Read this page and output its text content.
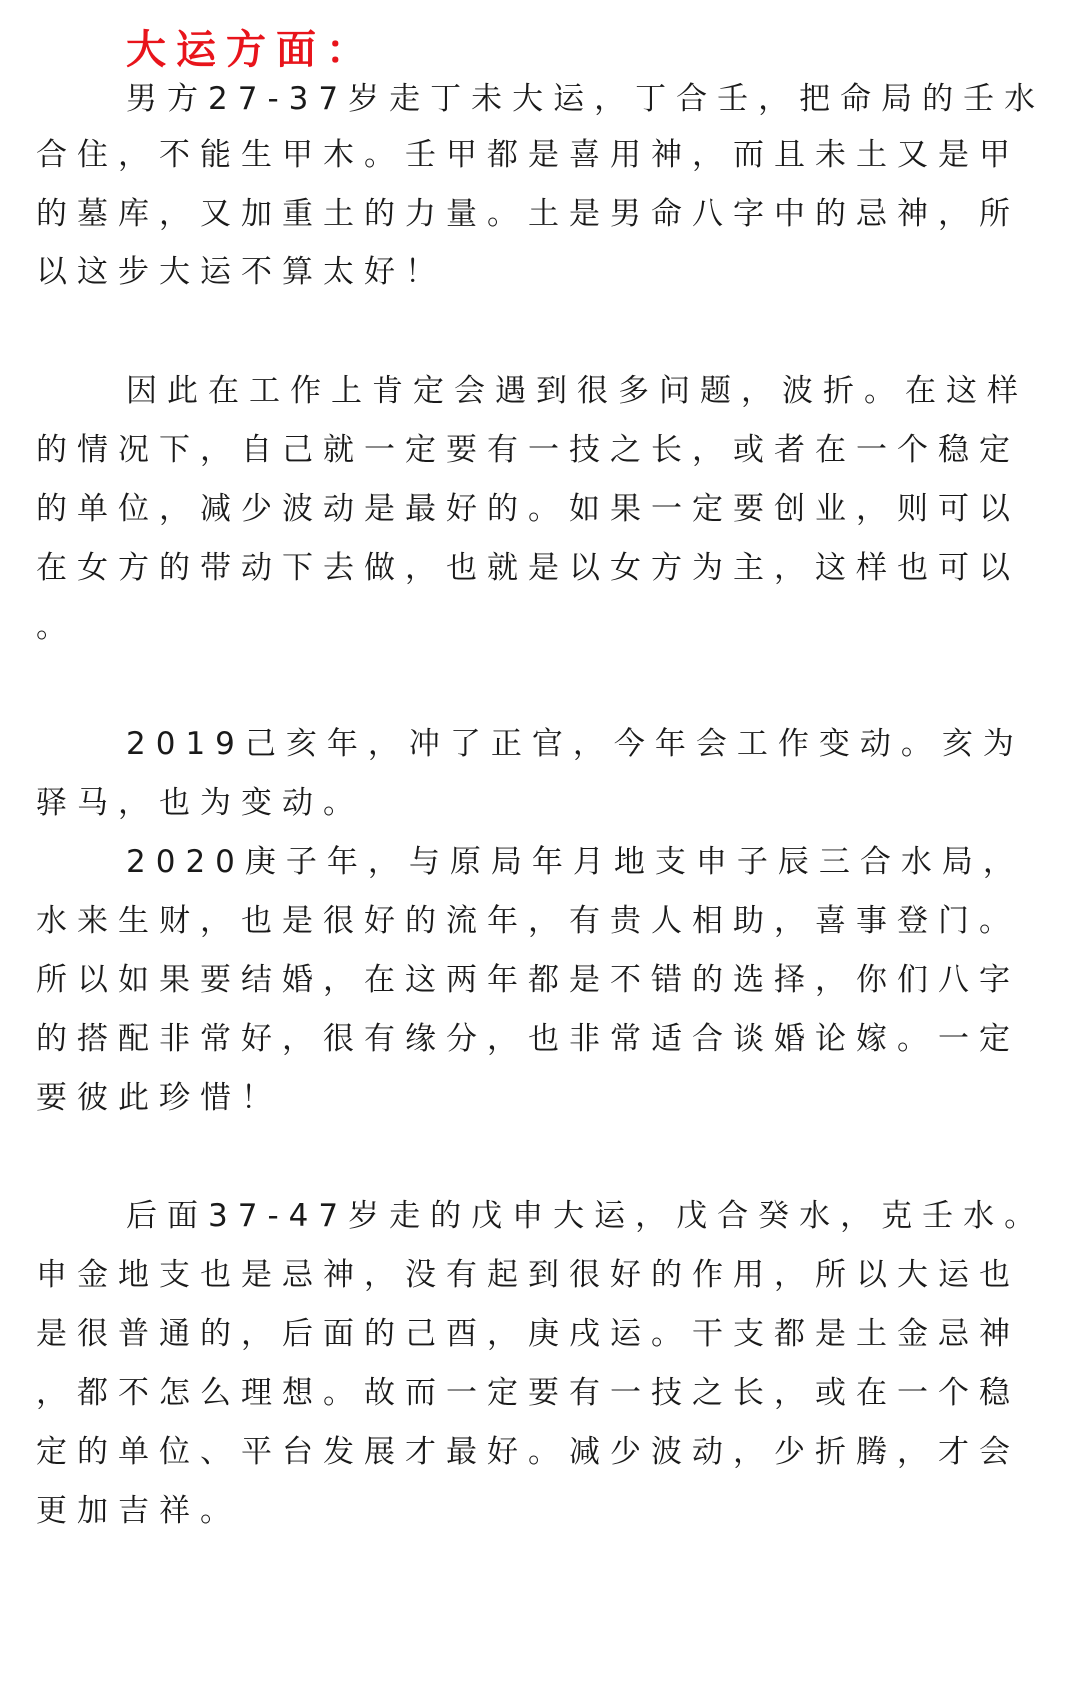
大运方面：
男方27-37岁走丁未大运，丁合壬，把命局的壬水
合住，不能生甲木。壬甲都是喜用神，而且未土又是甲
的墓库，又加重土的力量。土是男命八字中的忌神，所
以这步大运不算太好！
因此在工作上肯定会遇到很多问题，波折。在这样
的情况下，自己就一定要有一技之长，或者在一个稳定
的单位，减少波动是最好的。如果一定要创业，则可以
在女方的带动下去做，也就是以女方为主，这样也可以
。
2019己亥年，冲了正官，今年会工作变动。亥为
驿马，也为变动。
2020庚子年，与原局年月地支申子辰三合水局，
水来生财，也是很好的流年，有贵人相助，喜事登门。
所以如果要结婚，在这两年都是不错的选择，你们八字
的搭配非常好，很有缘分，也非常适合谈婚论嫁。一定
要彼此珍惜！
后面37-47岁走的戊申大运，戊合癸水，克壬水。
申金地支也是忌神，没有起到很好的作用，所以大运也
是很普通的，后面的己酉，庚戌运。干支都是土金忌神
，都不怎么理想。故而一定要有一技之长，或在一个稳
定的单位、平台发展才最好。减少波动，少折腾，才会
更加吉祥。
